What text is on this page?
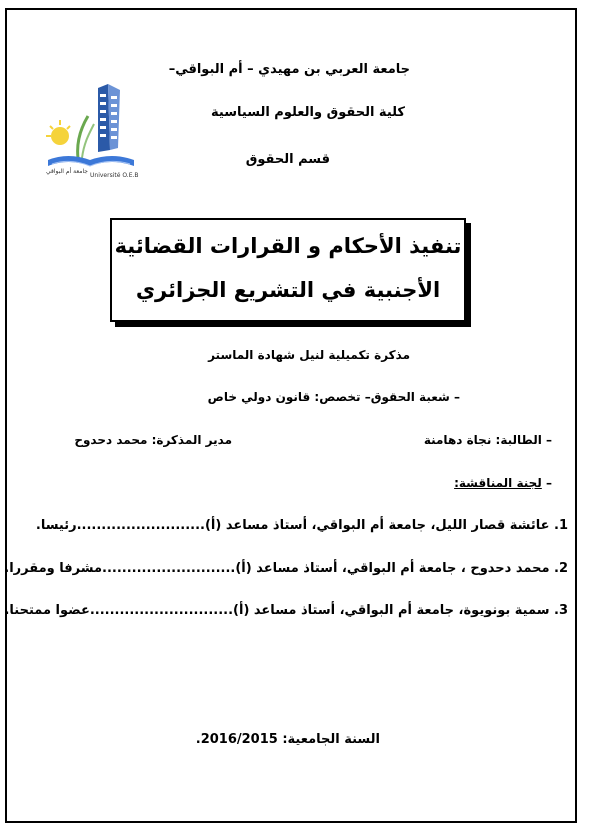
جامعة العربي بن مهيدي – أم البواقي–
كلية الحقوق والعلوم السياسية
قسم الحقوق
جامعة أم البواقي
Université O.E.B
تنفيذ الأحكام و القرارات القضائية
الأجنبية في التشريع الجزائري
مذكرة تكميلية لنيل شهادة الماستر
– شعبة الحقوق– تخصص: قانون دولي خاص
– الطالبة: نجاة دهامنة
مدير المذكرة: محمد دحدوح
– لجنة المناقشة:
1. عائشة قصار الليل، جامعة أم البواقي، أستاذ مساعد (أ)..........................رئيسا.
2. محمد دحدوح ، جامعة أم البواقي، أستاذ مساعد (أ)...........................مشرفا ومقررا.
3. سمية بونويوة، جامعة أم البواقي، أستاذ مساعد (أ).............................عضوا ممتحنا.
السنة الجامعية: 2016/2015.
